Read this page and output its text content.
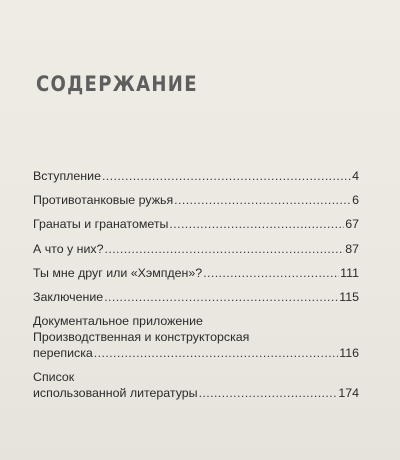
СОДЕРЖАНИЕ
Вступление .....	4
Противотанковые ружья .....	6
Гранаты и гранатометы .....	67
А что у них? .....	87
Ты мне друг или «Хэмпден»? .....	111
Заключение .....	115
Документальное приложение
Производственная и конструкторская
переписка .....	116
Список
использованной литературы .....	174
